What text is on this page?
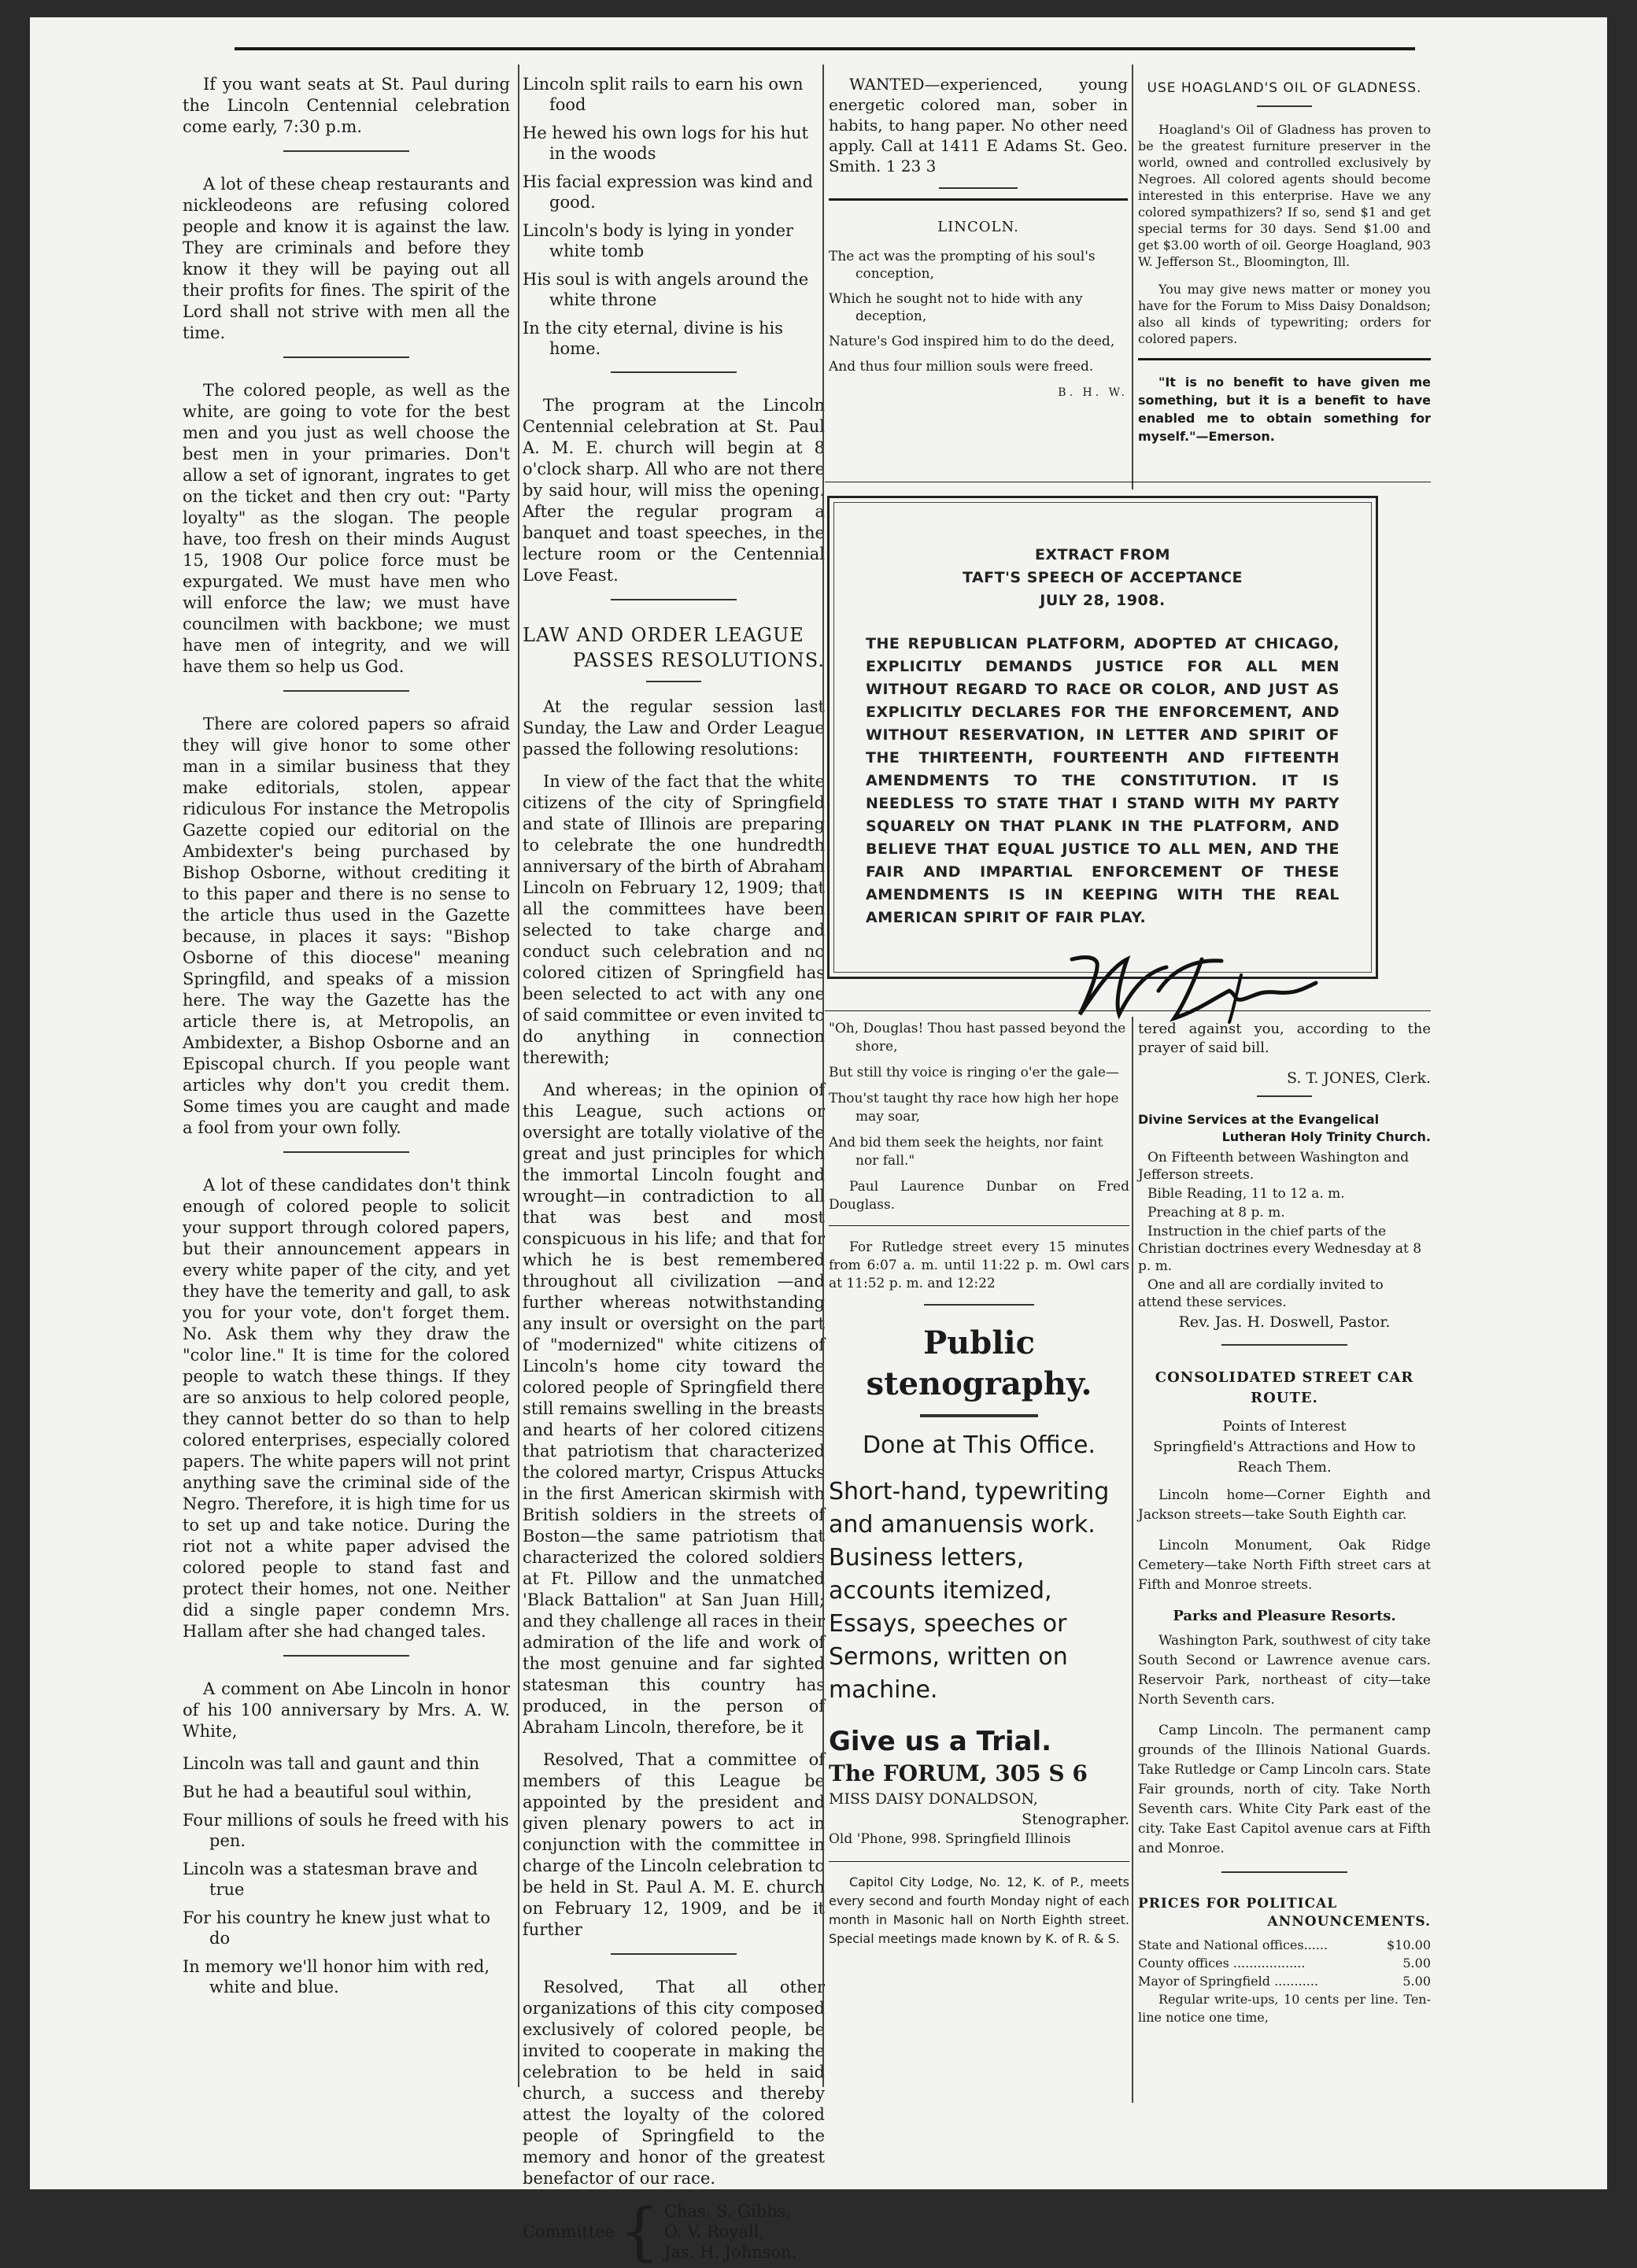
If you want seats at St. Paul during the Lincoln Centennial celebration come early, 7:30 p.m.

A lot of these cheap restaurants and nickleodeons are refusing colored people and know it is against the law. They are criminals and before they know it they will be paying out all their profits for fines. The spirit of the Lord shall not strive with men all the time.

The colored people, as well as the white, are going to vote for the best men and you just as well choose the best men in your primaries. Don't allow a set of ignorant, ingrates to get on the ticket and then cry out: "Party loyalty" as the slogan. The people have, too fresh on their minds August 15, 1908 Our police force must be expurgated. We must have men who will enforce the law; we must have councilmen with backbone; we must have men of integrity, and we will have them so help us God.

There are colored papers so afraid they will give honor to some other man in a similar business that they make editorials, stolen, appear ridiculous For instance the Metropolis Gazette copied our editorial on the Ambidexter's being purchased by Bishop Osborne, without crediting it to this paper and there is no sense to the article thus used in the Gazette because, in places it says: "Bishop Osborne of this diocese" meaning Springfild, and speaks of a mission here. The way the Gazette has the article there is, at Metropolis, an Ambidexter, a Bishop Osborne and an Episcopal church. If you people want articles why don't you credit them. Some times you are caught and made a fool from your own folly.

A lot of these candidates don't think enough of colored people to solicit your support through colored papers, but their announcement appears in every white paper of the city, and yet they have the temerity and gall, to ask you for your vote, don't forget them. No. Ask them why they draw the "color line." It is time for the colored people to watch these things. If they are so anxious to help colored people, they cannot better do so than to help colored enterprises, especially colored papers. The white papers will not print anything save the criminal side of the Negro. Therefore, it is high time for us to set up and take notice. During the riot not a white paper advised the colored people to stand fast and protect their homes, not one. Neither did a single paper condemn Mrs. Hallam after she had changed tales.

A comment on Abe Lincoln in honor of his 100 anniversary by Mrs. A. W. White,

Lincoln was tall and gaunt and thin

But he had a beautiful soul within,

Four millions of souls he freed with his pen.

Lincoln was a statesman brave and true

For his country he knew just what to do

In memory we'll honor him with red, white and blue.

Lincoln split rails to earn his own food

He hewed his own logs for his hut in the woods

His facial expression was kind and good.

Lincoln's body is lying in yonder white tomb

His soul is with angels around the white throne

In the city eternal, divine is his home.

The program at the Lincoln Centennial celebration at St. Paul A. M. E. church will begin at 8 o'clock sharp. All who are not there by said hour, will miss the opening. After the regular program a banquet and toast speeches, in the lecture room or the Centennial Love Feast.

LAW AND ORDER LEAGUE
PASSES RESOLUTIONS.

At the regular session last Sunday, the Law and Order League passed the following resolutions:

In view of the fact that the white citizens of the city of Springfield and state of Illinois are preparing to celebrate the one hundredth anniversary of the birth of Abraham Lincoln on February 12, 1909; that all the committees have been selected to take charge and conduct such celebration and no colored citizen of Springfield has been selected to act with any one of said committee or even invited to do anything in connection therewith;

And whereas; in the opinion of this League, such actions or oversight are totally violative of the great and just principles for which the immortal Lincoln fought and wrought—in contradiction to all that was best and most conspicuous in his life; and that for which he is best remembered throughout all civilization —and further whereas notwithstanding any insult or oversight on the part of "modernized" white citizens of Lincoln's home city toward the colored people of Springfield there still remains swelling in the breasts and hearts of her colored citizens that patriotism that characterized the colored martyr, Crispus Attucks in the first American skirmish with British soldiers in the streets of Boston—the same patriotism that characterized the colored soldiers at Ft. Pillow and the unmatched 'Black Battalion" at San Juan Hill; and they challenge all races in their admiration of the life and work of the most genuine and far sighted statesman this country has produced, in the person of Abraham Lincoln, therefore, be it

Resolved, That a committee of members of this League be appointed by the president and given plenary powers to act in conjunction with the committee in charge of the Lincoln celebration to be held in St. Paul A. M. E. church on February 12, 1909, and be it further

Resolved, That all other organizations of this city composed exclusively of colored people, be invited to cooperate in making the celebration to be held in said church, a success and thereby attest the loyalty of the colored people of Springfield to the memory and honor of the greatest benefactor of our race.

Committee { Chas. S. Gibbs,
O. V. Royall,
Jas. H. Johnson.

WANTED—experienced, young energetic colored man, sober in habits, to hang paper. No other need apply. Call at 1411 E Adams St. Geo. Smith. 1 23 3

LINCOLN.

The act was the prompting of his soul's conception,

Which he sought not to hide with any deception,

Nature's God inspired him to do the deed,

And thus four million souls were freed.

B. H. W.

USE HOAGLAND'S OIL OF GLADNESS.

Hoagland's Oil of Gladness has proven to be the greatest furniture preserver in the world, owned and controlled exclusively by Negroes. All colored agents should become interested in this enterprise. Have we any colored sympathizers? If so, send $1 and get special terms for 30 days. Send $1.00 and get $3.00 worth of oil. George Hoagland, 903 W. Jefferson St., Bloomington, Ill.

You may give news matter or money you have for the Forum to Miss Daisy Donaldson; also all kinds of typewriting; orders for colored papers.

"It is no benefit to have given me something, but it is a benefit to have enabled me to obtain something for myself."—Emerson.

EXTRACT FROM
TAFT'S SPEECH OF ACCEPTANCE
JULY 28, 1908.
THE REPUBLICAN PLATFORM, ADOPTED AT CHICAGO, EXPLICITLY DEMANDS JUSTICE FOR ALL MEN WITHOUT REGARD TO RACE OR COLOR, AND JUST AS EXPLICITLY DECLARES FOR THE ENFORCEMENT, AND WITHOUT RESERVATION, IN LETTER AND SPIRIT OF THE THIRTEENTH, FOURTEENTH AND FIFTEENTH AMENDMENTS TO THE CONSTITUTION. IT IS NEEDLESS TO STATE THAT I STAND WITH MY PARTY SQUARELY ON THAT PLANK IN THE PLATFORM, AND BELIEVE THAT EQUAL JUSTICE TO ALL MEN, AND THE FAIR AND IMPARTIAL ENFORCEMENT OF THESE AMENDMENTS IS IN KEEPING WITH THE REAL AMERICAN SPIRIT OF FAIR PLAY.

"Oh, Douglas! Thou hast passed beyond the shore,

But still thy voice is ringing o'er the gale—

Thou'st taught thy race how high her hope may soar,

And bid them seek the heights, nor faint nor fall."

Paul Laurence Dunbar on Fred Douglass.

For Rutledge street every 15 minutes from 6:07 a. m. until 11:22 p. m. Owl cars at 11:52 p. m. and 12:22

Public stenography.
Done at This Office.
Short-hand, typewriting and amanuensis work. Business letters, accounts itemized, Essays, speeches or Sermons, written on machine.
Give us a Trial.
The FORUM, 305 S 6
MISS DAISY DONALDSON,
Stenographer.
Old 'Phone, 998. Springfield Illinois

Capitol City Lodge, No. 12, K. of P., meets every second and fourth Monday night of each month in Masonic hall on North Eighth street. Special meetings made known by K. of R. & S.

tered against you, according to the prayer of said bill.

S. T. JONES, Clerk.

Divine Services at the Evangelical
Lutheran Holy Trinity Church.

On Fifteenth between Washington and Jefferson streets.

Bible Reading, 11 to 12 a. m.

Preaching at 8 p. m.

Instruction in the chief parts of the Christian doctrines every Wednesday at 8 p. m.

One and all are cordially invited to attend these services.

Rev. Jas. H. Doswell, Pastor.

CONSOLIDATED STREET CAR ROUTE.
Points of Interest
Springfield's Attractions and How to Reach Them.

Lincoln home—Corner Eighth and Jackson streets—take South Eighth car.

Lincoln Monument, Oak Ridge Cemetery—take North Fifth street cars at Fifth and Monroe streets.

Parks and Pleasure Resorts.

Washington Park, southwest of city take South Second or Lawrence avenue cars. Reservoir Park, northeast of city—take North Seventh cars.

Camp Lincoln. The permanent camp grounds of the Illinois National Guards. Take Rutledge or Camp Lincoln cars. State Fair grounds, north of city. Take North Seventh cars. White City Park east of the city. Take East Capitol avenue cars at Fifth and Monroe.

PRICES FOR POLITICAL
ANNOUNCEMENTS.
State and National offices......	$10.00
County offices ..................	5.00
Mayor of Springfield ...........	5.00

Regular write-ups, 10 cents per line. Ten-line notice one time,
